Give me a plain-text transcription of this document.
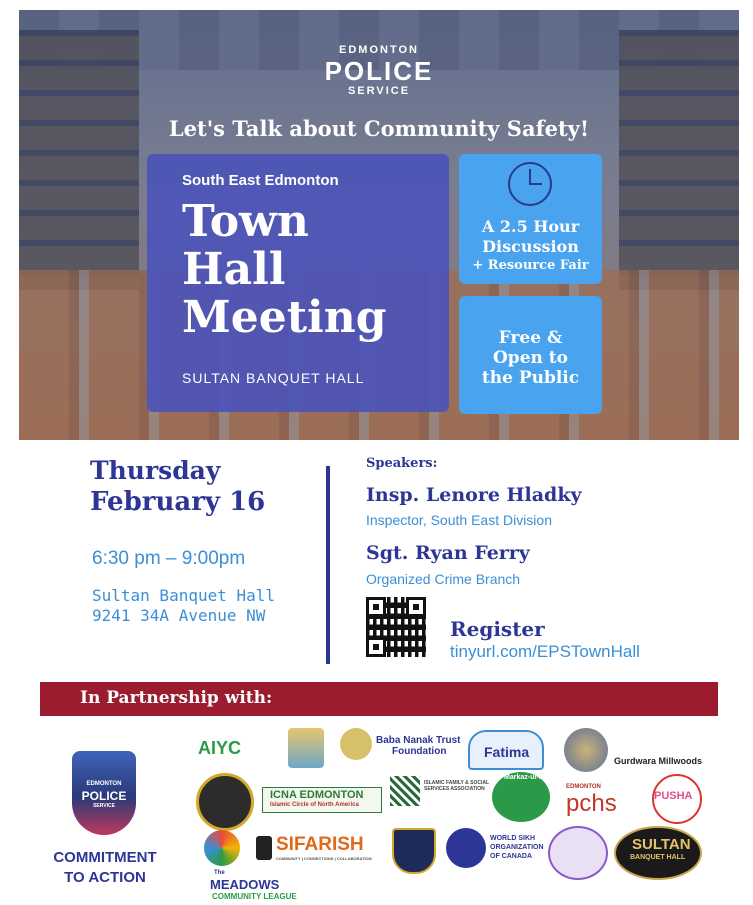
EDMONTON
POLICE
SERVICE
Let's Talk about Community Safety!
South East Edmonton
Town
Hall
Meeting
SULTAN BANQUET HALL
A 2.5 Hour
Discussion
+ Resource Fair
Free &
Open to
the Public
Thursday
February 16
6:30 pm – 9:00pm
Sultan Banquet Hall
9241 34A Avenue NW
Speakers:
Insp. Lenore Hladky
Inspector, South East Division
Sgt. Ryan Ferry
Organized Crime Branch
Register
tinyurl.com/EPSTownHall
In Partnership with:
EDMONTON
POLICE
SERVICE
COMMITMENT
TO ACTION
AIYC	Baba Nanak Trust
Foundation	Fatima
Gurdwara Millwoods
ICNA EDMONTON
Islamic Circle of North America
ISLAMIC FAMILY & SOCIAL SERVICES ASSOCIATION
Markaz-ul-Islam
EDMONTON
pchs	PUSHA
SIFARISH
COMMUNITY | CONNECTIONS | COLLABORATION
WORLD SIKH ORGANIZATION OF CANADA
SULTAN
BANQUET HALL
The
MEADOWS
COMMUNITY LEAGUE
